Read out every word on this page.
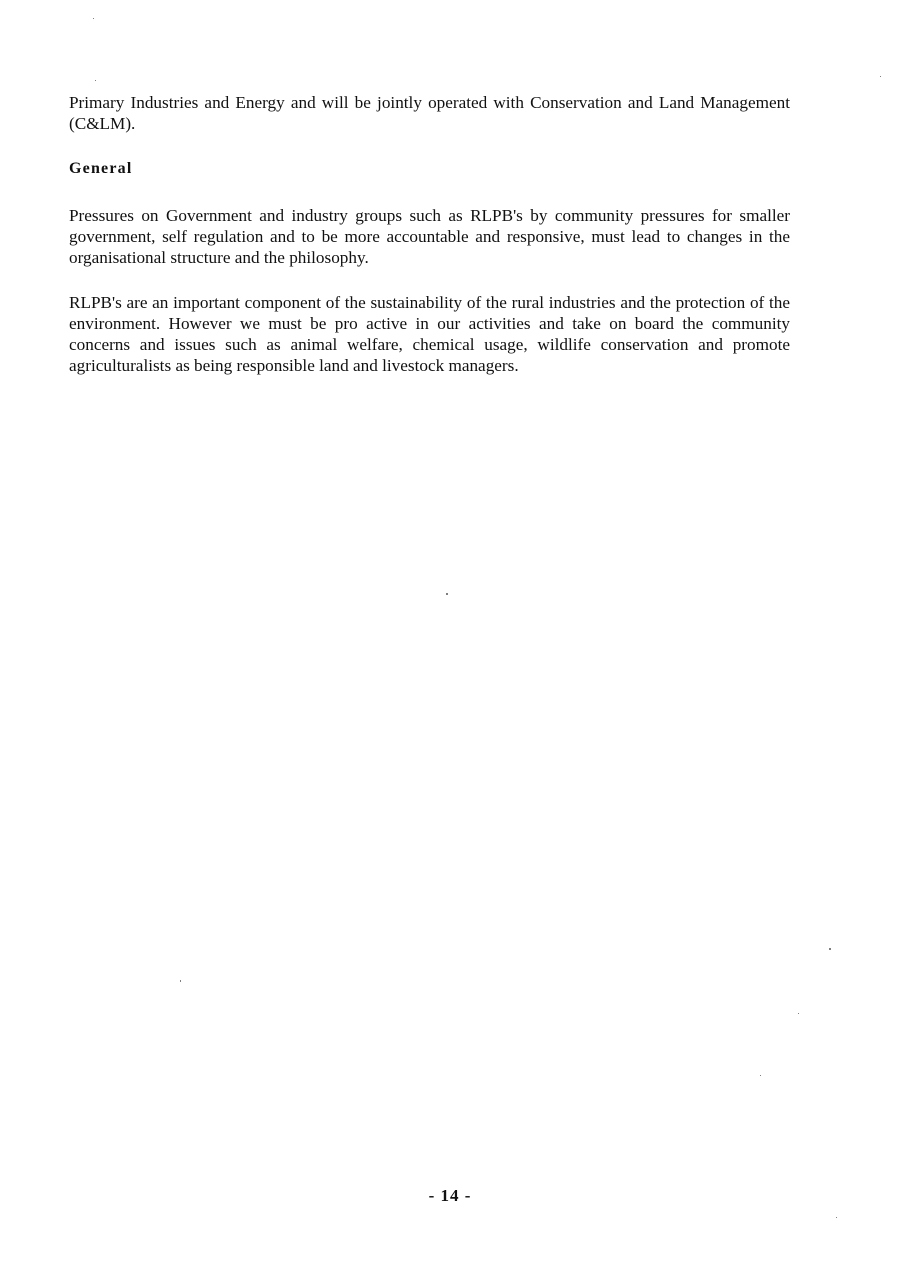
Primary Industries and Energy and will be jointly operated with Conservation and Land Management (C&LM).

General

Pressures on Government and industry groups such as RLPB's by community pressures for smaller government, self regulation and to be more accountable and responsive, must lead to changes in the organisational structure and the philosophy.

RLPB's are an important component of the sustainability of the rural industries and the protection of the environment. However we must be pro active in our activities and take on board the community concerns and issues such as animal welfare, chemical usage, wildlife conservation and promote agriculturalists as being responsible land and livestock managers.

- 14 -
